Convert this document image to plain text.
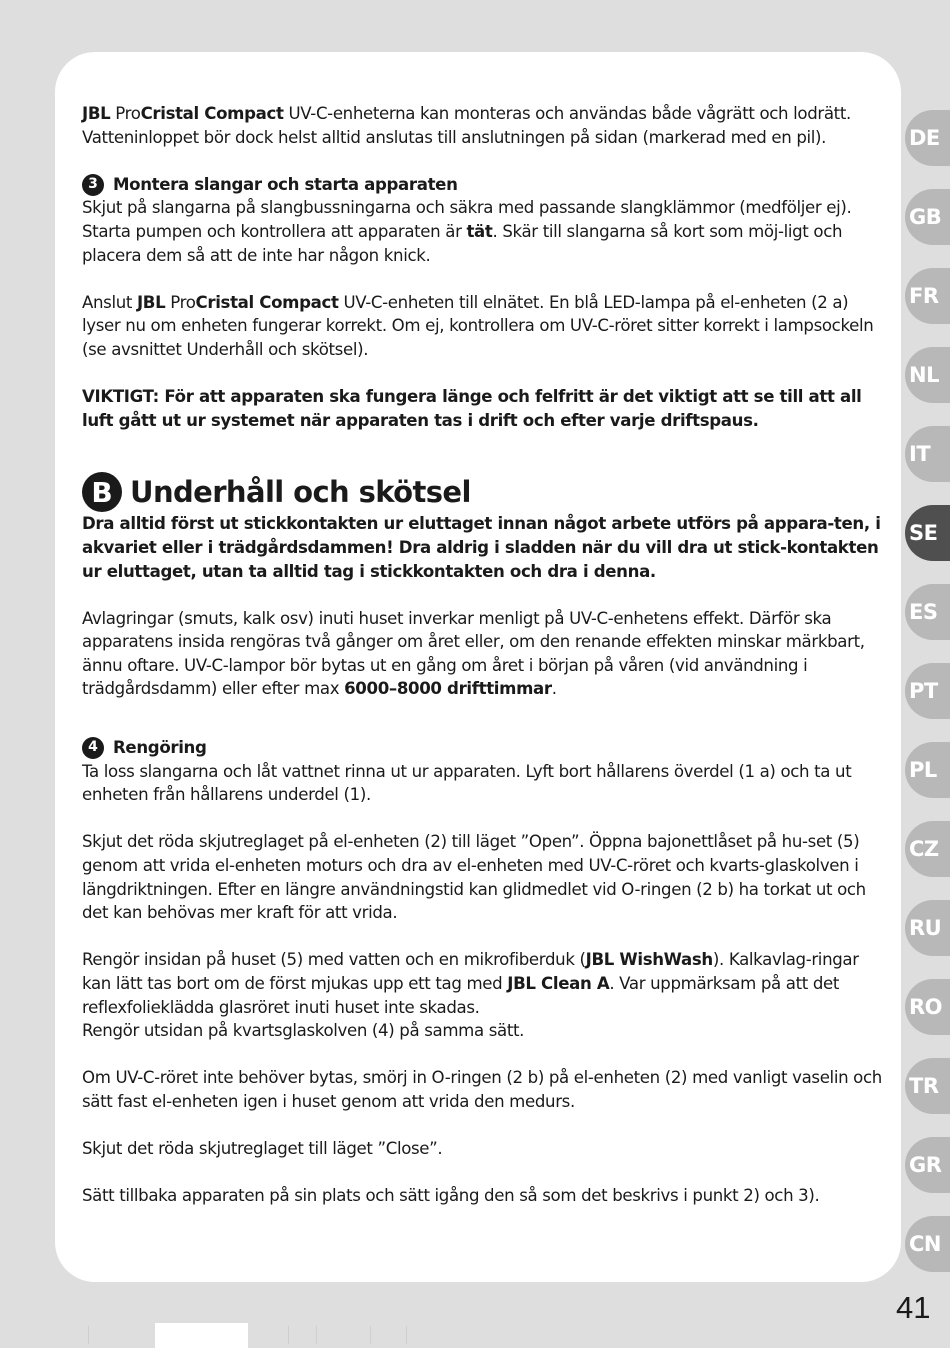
JBL ProCristal Compact UV-C-enheterna kan monteras och användas både vågrätt och lodrätt. Vatteninloppet bör dock helst alltid anslutas till anslutningen på sidan (markerad med en pil).

3 Montera slangar och starta apparaten

Skjut på slangarna på slangbussningarna och säkra med passande slangklämmor (medföljer ej). Starta pumpen och kontrollera att apparaten är tät. Skär till slangarna så kort som möj-ligt och placera dem så att de inte har någon knick.

Anslut JBL ProCristal Compact UV-C-enheten till elnätet. En blå LED-lampa på el-enheten (2 a) lyser nu om enheten fungerar korrekt. Om ej, kontrollera om UV-C-röret sitter korrekt i lampsockeln (se avsnittet Underhåll och skötsel).

VIKTIGT: För att apparaten ska fungera länge och felfritt är det viktigt att se till att all luft gått ut ur systemet när apparaten tas i drift och efter varje driftspaus.

B Underhåll och skötsel

Dra alltid först ut stickkontakten ur eluttaget innan något arbete utförs på appara-ten, i akvariet eller i trädgårdsdammen! Dra aldrig i sladden när du vill dra ut stick-kontakten ur eluttaget, utan ta alltid tag i stickkontakten och dra i denna.

Avlagringar (smuts, kalk osv) inuti huset inverkar menligt på UV-C-enhetens effekt. Därför ska apparatens insida rengöras två gånger om året eller, om den renande effekten minskar märkbart, ännu oftare. UV-C-lampor bör bytas ut en gång om året i början på våren (vid användning i trädgårdsdamm) eller efter max 6000–8000 drifttimmar.

4 Rengöring

Ta loss slangarna och låt vattnet rinna ut ur apparaten. Lyft bort hållarens överdel (1 a) och ta ut enheten från hållarens underdel (1).

Skjut det röda skjutreglaget på el-enheten (2) till läget ”Open”. Öppna bajonettlåset på hu-set (5) genom att vrida el-enheten moturs och dra av el-enheten med UV-C-röret och kvarts-glaskolven i längdriktningen. Efter en längre användningstid kan glidmedlet vid O-ringen (2 b) ha torkat ut och det kan behövas mer kraft för att vrida.

Rengör insidan på huset (5) med vatten och en mikrofiberduk (JBL WishWash). Kalkavlag-ringar kan lätt tas bort om de först mjukas upp ett tag med JBL Clean A. Var uppmärksam på att det reflexfolieklädda glasröret inuti huset inte skadas.
Rengör utsidan på kvartsglaskolven (4) på samma sätt.

Om UV-C-röret inte behöver bytas, smörj in O-ringen (2 b) på el-enheten (2) med vanligt vaselin och sätt fast el-enheten igen i huset genom att vrida den medurs.

Skjut det röda skjutreglaget till läget ”Close”.

Sätt tillbaka apparaten på sin plats och sätt igång den så som det beskrivs i punkt 2) och 3).

DE
GB
FR
NL
IT
SE
ES
PT
PL
CZ
RU
RO
TR
GR
CN
41
